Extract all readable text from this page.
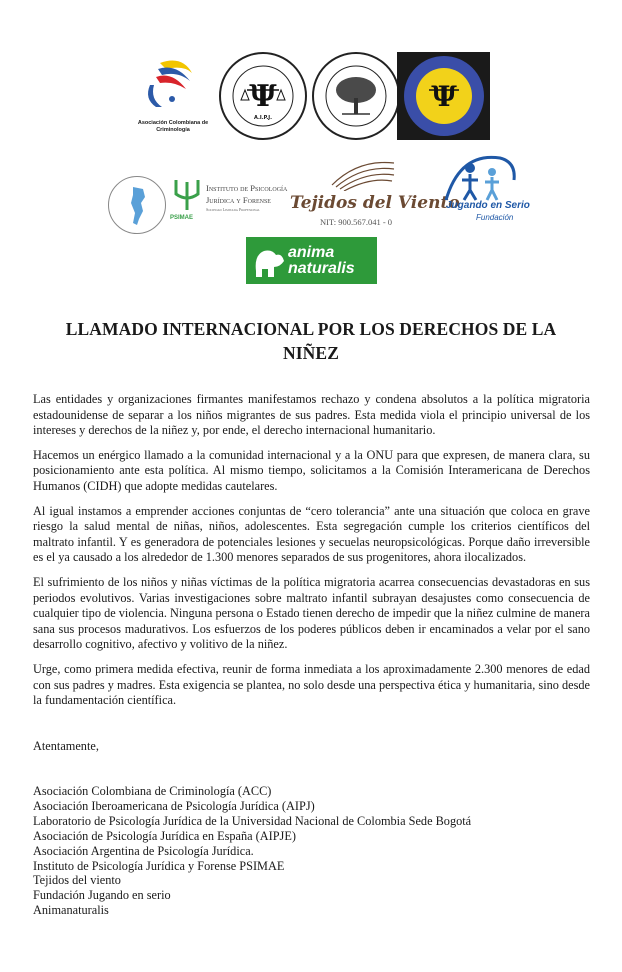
Asociación Colombiana de Criminología
Ψ
A.I.P.J.
Ψ
PSIMAE
Instituto de Psicología
Jurídica y Forense
Sociedad Limitada Profesional Tejidos del Viento
NIT: 900.567.041 - 0
Jugando en Serio
Fundación
anima naturalis
LLAMADO INTERNACIONAL POR LOS DERECHOS DE LA NIÑEZ

Las entidades y organizaciones firmantes manifestamos rechazo y condena absolutos a la política migratoria estadounidense de separar a los niños migrantes de sus padres. Esta medida viola el principio universal de los intereses y derechos de la niñez y, por ende, el derecho internacional humanitario.

Hacemos un enérgico llamado a la comunidad internacional y a la ONU para que expresen, de manera clara, su posicionamiento ante esta política. Al mismo tiempo, solicitamos a la Comisión Interamericana de Derechos Humanos (CIDH) que adopte medidas cautelares.

Al igual instamos a emprender acciones conjuntas de “cero tolerancia” ante una situación que coloca en grave riesgo la salud mental de niñas, niños, adolescentes. Esta segregación cumple los criterios científicos del maltrato infantil. Y es generadora de potenciales lesiones y secuelas neuropsicológicas. Porque daño irreversible es el ya causado a los alrededor de 1.300 menores separados de sus progenitores, ahora ilocalizados.

El sufrimiento de los niños y niñas víctimas de la política migratoria acarrea consecuencias devastadoras en sus periodos evolutivos. Varias investigaciones sobre maltrato infantil subrayan desajustes como consecuencia de cualquier tipo de violencia. Ninguna persona o Estado tienen derecho de impedir que la niñez culmine de manera sana sus procesos madurativos. Los esfuerzos de los poderes públicos deben ir encaminados a velar por el sano desarrollo cognitivo, afectivo y volitivo de la niñez.

Urge, como primera medida efectiva, reunir de forma inmediata a los aproximadamente 2.300 menores de edad con sus padres y madres. Esta exigencia se plantea, no solo desde una perspectiva ética y humanitaria, sino desde la fundamentación científica.

Atentamente,
Asociación Colombiana de Criminología (ACC)
Asociación Iberoamericana de Psicología Jurídica (AIPJ)
Laboratorio de Psicología Jurídica de la Universidad Nacional de Colombia Sede Bogotá
Asociación de Psicología Jurídica en España (AIPJE)
Asociación Argentina de Psicología Jurídica.
Instituto de Psicología Jurídica y Forense PSIMAE
Tejidos del viento
Fundación Jugando en serio
Animanaturalis
